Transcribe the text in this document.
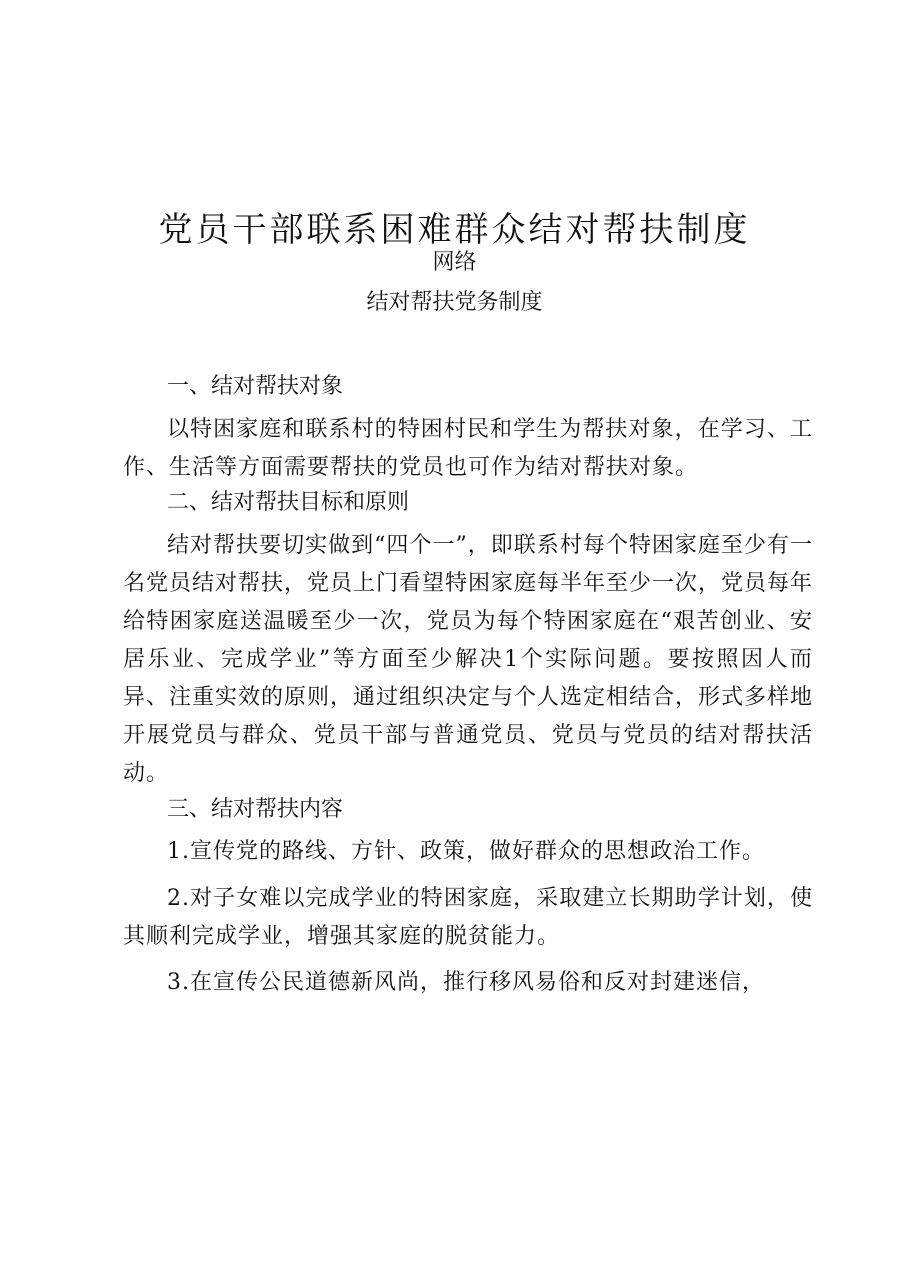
党员干部联系困难群众结对帮扶制度

网络

结对帮扶党务制度

一、结对帮扶对象

以特困家庭和联系村的特困村民和学生为帮扶对象，在学习、工作、生活等方面需要帮扶的党员也可作为结对帮扶对象。

二、结对帮扶目标和原则

结对帮扶要切实做到“四个一”，即联系村每个特困家庭至少有一名党员结对帮扶，党员上门看望特困家庭每半年至少一次，党员每年给特困家庭送温暖至少一次，党员为每个特困家庭在“艰苦创业、安居乐业、完成学业”等方面至少解决1个实际问题。要按照因人而异、注重实效的原则，通过组织决定与个人选定相结合，形式多样地开展党员与群众、党员干部与普通党员、党员与党员的结对帮扶活动。

三、结对帮扶内容

1.宣传党的路线、方针、政策，做好群众的思想政治工作。

2.对子女难以完成学业的特困家庭，采取建立长期助学计划，使其顺利完成学业，增强其家庭的脱贫能力。

3.在宣传公民道德新风尚，推行移风易俗和反对封建迷信，
